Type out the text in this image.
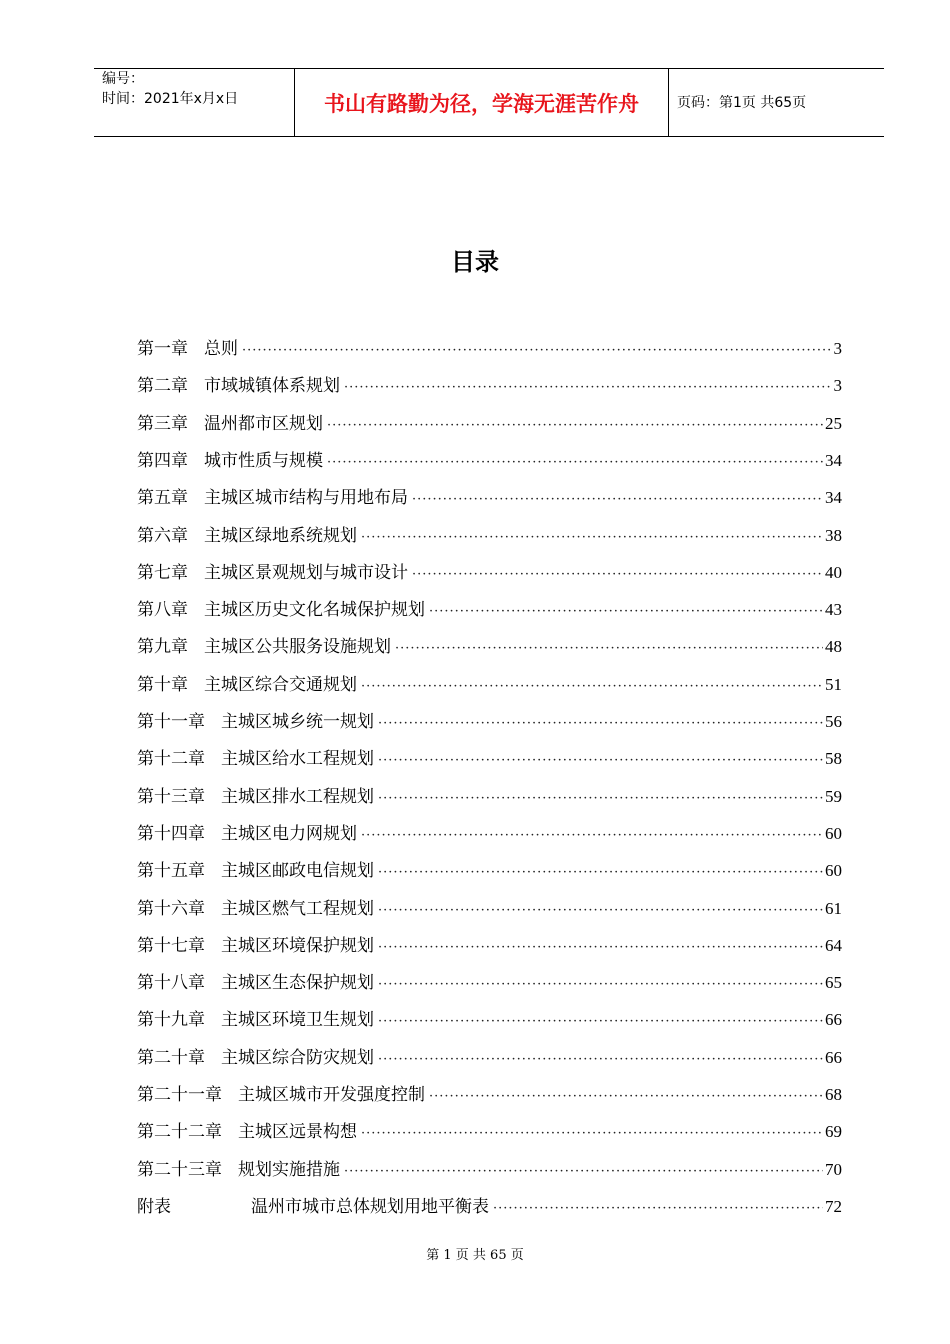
编号：
时间：2021年x月x日	书山有路勤为径，学海无涯苦作舟	页码：第1页 共65页
目录
第一章 总则 ·····	3
第二章 市域城镇体系规划 ·····	3
第三章 温州都市区规划 ·····	25
第四章 城市性质与规模 ·····	34
第五章 主城区城市结构与用地布局 ·····	34
第六章 主城区绿地系统规划 ·····	38
第七章 主城区景观规划与城市设计 ·····	40
第八章 主城区历史文化名城保护规划 ·····	43
第九章 主城区公共服务设施规划 ·····	48
第十章 主城区综合交通规划 ·····	51
第十一章 主城区城乡统一规划 ·····	56
第十二章 主城区给水工程规划 ·····	58
第十三章 主城区排水工程规划 ·····	59
第十四章 主城区电力网规划 ·····	60
第十五章 主城区邮政电信规划 ·····	60
第十六章 主城区燃气工程规划 ·····	61
第十七章 主城区环境保护规划 ·····	64
第十八章 主城区生态保护规划 ·····	65
第十九章 主城区环境卫生规划 ·····	66
第二十章 主城区综合防灾规划 ·····	66
第二十一章 主城区城市开发强度控制 ·····	68
第二十二章 主城区远景构想 ·····	69
第二十三章 规划实施措施 ·····	70
附表	温州市城市总体规划用地平衡表 ·····	72
第 1 页 共 65 页
